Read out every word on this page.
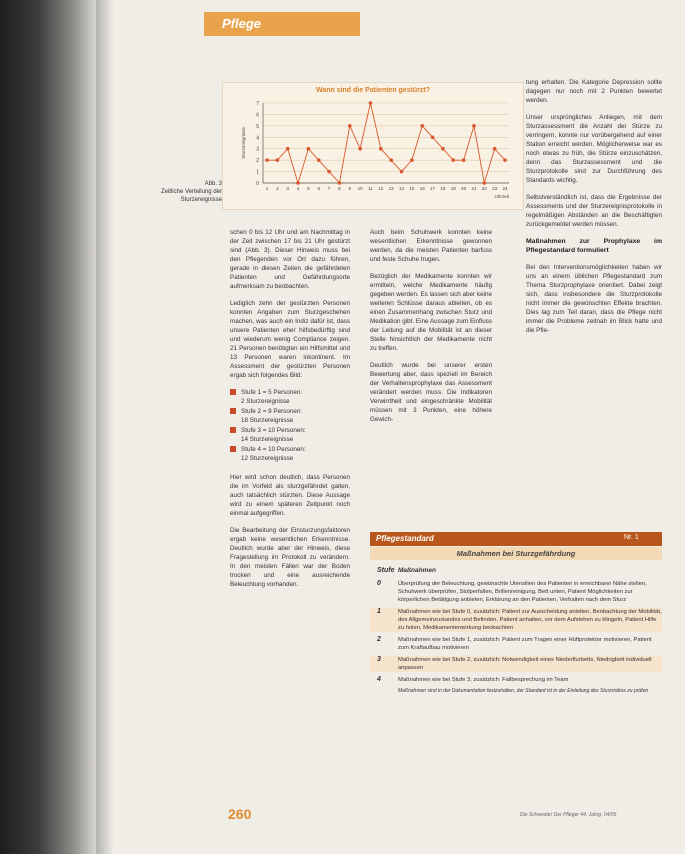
Pflege
Wann sind die Patienten gestürzt?
0
1
2
3
4
5
6
7
1 2 3 4 5 6 7 8 9 10 11 12 13 14 15 16 17 18 19 20 21 22 23 24
Sturzereignisse
Uhrzeit
Abb. 3
Zeitliche Verteilung der Sturzereignisse

schen 0 bis 12 Uhr und am Nachmittag in der Zeit zwischen 17 bis 21 Uhr gestürzt sind (Abb. 3). Dieser Hinweis muss bei den Pflegenden vor Ort dazu führen, gerade in diesen Zeiten die gefährdeten Patienten und Gefährdungsorte aufmerksam zu beobachten.

Lediglich zehn der gestürzten Personen konnten Angaben zum Sturzgeschehen machen, was auch ein Indiz dafür ist, dass unsere Patienten eher hilfsbedürftig sind und wiederum wenig Compliance zeigen. 21 Personen benötigten ein Hilfsmittel und 13 Personen waren inkontinent. Im Assessment der gestürzten Personen ergab sich folgendes Bild:

Stufe 1 = 5 Personen:
2 Sturzereignisse
Stufe 2 = 9 Personen:
18 Sturzereignisse
Stufe 3 = 10 Personen:
14 Sturzereignisse
Stufe 4 = 10 Personen:
12 Sturzereignisse

Hier wird schon deutlich, dass Personen die im Vorfeld als sturzgefährdet galten, auch tatsächlich stürzten. Diese Aussage wird zu einem späteren Zeitpunkt noch einmal aufgegriffen.

Die Bearbeitung der Einsturzungsfaktoren ergab keine wesentlichen Erkenntnisse. Deutlich wurde aber der Hinweis, diese Fragestellung im Protokoll zu verändern. In den meisten Fällen war der Boden trocken und eine ausreichende Beleuchtung vorhanden.

Auch beim Schuhwerk konnten keine wesentlichen Erkenntnisse gewonnen werden, da die meisten Patienten barfuss und feste Schuhe trugen.

Bezüglich der Medikamente konnten wir ermitteln, welche Medikamente häufig gegeben werden. Es lassen sich aber keine weiteren Schlüsse daraus ableiten, ob es einen Zusammenhang zwischen Sturz und Medikation gibt. Eine Aussage zum Einfluss der Leitung auf die Mobilität ist an dieser Stelle hinsichtlich der Medikamente nicht zu treffen.

Deutlich wurde bei unserer ersten Bewertung aber, dass speziell im Bereich der Verhaltensprophylaxe das Assessment verändert werden muss. Die Indikatoren Verwirrtheit und eingeschränkte Mobilität müssen mit 3 Punkten, eine höhere Gewich-

tung erhalten. Die Kategorie Depression sollte dagegen nur noch mit 2 Punkten bewertet werden.

Unser ursprüngliches Anliegen, mit dem Sturzassessment die Anzahl der Stürze zu verringern, konnte nur vorübergehend auf einer Station erreicht werden. Möglicherweise war es noch etwas zu früh, die Stürze einzuschätzen, denn das Sturzassessment und die Sturzprotokolle sind zur Durchführung des Standards wichtig.

Selbstverständlich ist, dass die Ergebnisse der Assessments und der Sturzereignisprotokolle in regelmäßigen Abständen an die Beschäftigten zurückgemeldet werden müssen.

Maßnahmen zur Prophylaxe im Pflegestandard formuliert

Bei den Interventionsmöglichkeiten haben wir uns an einem üblichen Pflegestandard zum Thema Sturzprophylaxe orientiert. Dabei zeigt sich, dass insbesondere die Sturzprotokolle nicht immer die gewünschten Effekte brachten. Dies lag zum Teil daran, dass die Pflege nicht immer die Probleme zeitnah im Blick hatte und die Pfle-

Pflegestandard	Nr. 1
Maßnahmen bei Sturzgefährdung
Stufe Maßnahmen
0	Überprüfung der Beleuchtung, gewünschte Utensilien des Patienten in erreichbarer Nähe stellen, Schuhwerk überprüfen, Stolperfallen, Brillenreinigung, Bett unten, Patient Möglichkeiten zur körperlichen Betätigung anbieten, Erklärung an den Patienten, Verhalten nach dem Sturz
1	Maßnahmen wie bei Stufe 0, zusätzlich: Patient zur Ausscheidung anleiten, Beobachtung der Mobilität, des Allgemeinzustandes und Befinden, Patient anhalten, vor dem Aufstehen zu klingeln, Patient Hilfe zu holen, Medikamentenwirkung beobachten
2	Maßnahmen wie bei Stufe 1, zusätzlich: Patient zum Tragen einer Hüftprotektor motivieren, Patient zum Kraftaufbau motivieren
3	Maßnahmen wie bei Stufe 2, zusätzlich: Notwendigkeit eines Niederflurbetts, Niedrigbett individuell anpassen
4	Maßnahmen wie bei Stufe 3, zusätzlich: Fallbesprechung im Team
Maßnahmen sind in der Dokumentation festzuhalten, der Standard ist in der Einleitung des Sturzrisikos zu prüfen
260	Die Schwester Der Pfleger 44. Jahrg. 04/05
